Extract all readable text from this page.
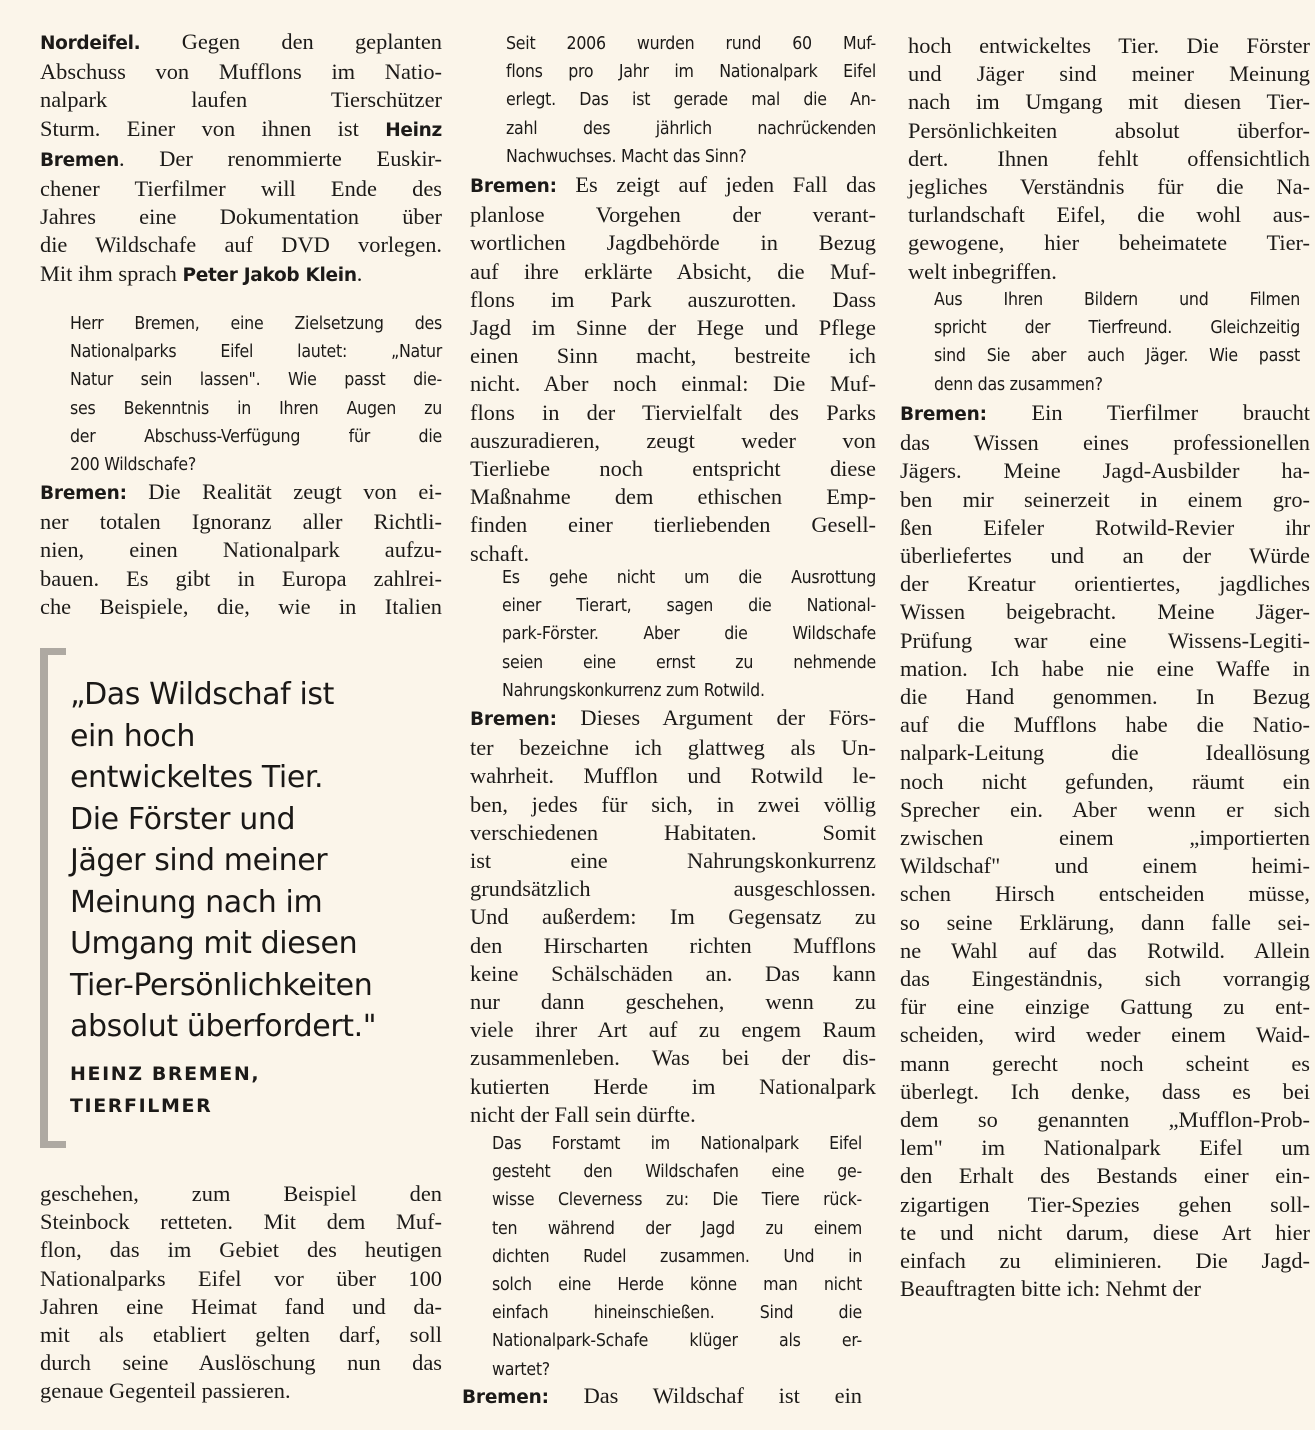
Nordeifel. Gegen den geplanten
Abschuss von Mufflons im Natio-
nalpark laufen Tierschützer
Sturm. Einer von ihnen ist Heinz
Bremen. Der renommierte Euskir-
chener Tierfilmer will Ende des
Jahres eine Dokumentation über
die Wildschafe auf DVD vorlegen.
Mit ihm sprach Peter Jakob Klein.
Herr Bremen, eine Zielsetzung des
Nationalparks Eifel lautet: „Natur
Natur sein lassen". Wie passt die-
ses Bekenntnis in Ihren Augen zu
der Abschuss-Verfügung für die
200 Wildschafe?
Bremen: Die Realität zeugt von ei-
ner totalen Ignoranz aller Richtli-
nien, einen Nationalpark aufzu-
bauen. Es gibt in Europa zahlrei-
che Beispiele, die, wie in Italien
geschehen, zum Beispiel den
Steinbock retteten. Mit dem Muf-
flon, das im Gebiet des heutigen
Nationalparks Eifel vor über 100
Jahren eine Heimat fand und da-
mit als etabliert gelten darf, soll
durch seine Auslöschung nun das
genaue Gegenteil passieren.
„Das Wildschaf ist
ein hoch
entwickeltes Tier.
Die Förster und
Jäger sind meiner
Meinung nach im
Umgang mit diesen
Tier-Persönlichkeiten
absolut überfordert."
HEINZ BREMEN,
TIERFILMER
Seit 2006 wurden rund 60 Muf-
flons pro Jahr im Nationalpark Eifel
erlegt. Das ist gerade mal die An-
zahl des jährlich nachrückenden
Nachwuchses. Macht das Sinn?
Bremen: Es zeigt auf jeden Fall das
planlose Vorgehen der verant-
wortlichen Jagdbehörde in Bezug
auf ihre erklärte Absicht, die Muf-
flons im Park auszurotten. Dass
Jagd im Sinne der Hege und Pflege
einen Sinn macht, bestreite ich
nicht. Aber noch einmal: Die Muf-
flons in der Tiervielfalt des Parks
auszuradieren, zeugt weder von
Tierliebe noch entspricht diese
Maßnahme dem ethischen Emp-
finden einer tierliebenden Gesell-
schaft.
Es gehe nicht um die Ausrottung
einer Tierart, sagen die National-
park-Förster. Aber die Wildschafe
seien eine ernst zu nehmende
Nahrungskonkurrenz zum Rotwild.
Bremen: Dieses Argument der Förs-
ter bezeichne ich glattweg als Un-
wahrheit. Mufflon und Rotwild le-
ben, jedes für sich, in zwei völlig
verschiedenen Habitaten. Somit
ist eine Nahrungskonkurrenz
grundsätzlich ausgeschlossen.
Und außerdem: Im Gegensatz zu
den Hirscharten richten Mufflons
keine Schälschäden an. Das kann
nur dann geschehen, wenn zu
viele ihrer Art auf zu engem Raum
zusammenleben. Was bei der dis-
kutierten Herde im Nationalpark
nicht der Fall sein dürfte.
Das Forstamt im Nationalpark Eifel
gesteht den Wildschafen eine ge-
wisse Cleverness zu: Die Tiere rück-
ten während der Jagd zu einem
dichten Rudel zusammen. Und in
solch eine Herde könne man nicht
einfach hineinschießen. Sind die
Nationalpark-Schafe klüger als er-
wartet?
Bremen: Das Wildschaf ist ein
hoch entwickeltes Tier. Die Förster
und Jäger sind meiner Meinung
nach im Umgang mit diesen Tier-
Persönlichkeiten absolut überfor-
dert. Ihnen fehlt offensichtlich
jegliches Verständnis für die Na-
turlandschaft Eifel, die wohl aus-
gewogene, hier beheimatete Tier-
welt inbegriffen.
Aus Ihren Bildern und Filmen
spricht der Tierfreund. Gleichzeitig
sind Sie aber auch Jäger. Wie passt
denn das zusammen?
Bremen: Ein Tierfilmer braucht
das Wissen eines professionellen
Jägers. Meine Jagd-Ausbilder ha-
ben mir seinerzeit in einem gro-
ßen Eifeler Rotwild-Revier ihr
überliefertes und an der Würde
der Kreatur orientiertes, jagdliches
Wissen beigebracht. Meine Jäger-
Prüfung war eine Wissens-Legiti-
mation. Ich habe nie eine Waffe in
die Hand genommen. In Bezug
auf die Mufflons habe die Natio-
nalpark-Leitung die Ideallösung
noch nicht gefunden, räumt ein
Sprecher ein. Aber wenn er sich
zwischen einem „importierten
Wildschaf" und einem heimi-
schen Hirsch entscheiden müsse,
so seine Erklärung, dann falle sei-
ne Wahl auf das Rotwild. Allein
das Eingeständnis, sich vorrangig
für eine einzige Gattung zu ent-
scheiden, wird weder einem Waid-
mann gerecht noch scheint es
überlegt. Ich denke, dass es bei
dem so genannten „Mufflon-Prob-
lem" im Nationalpark Eifel um
den Erhalt des Bestands einer ein-
zigartigen Tier-Spezies gehen soll-
te und nicht darum, diese Art hier
einfach zu eliminieren. Die Jagd-
Beauftragten bitte ich: Nehmt der
